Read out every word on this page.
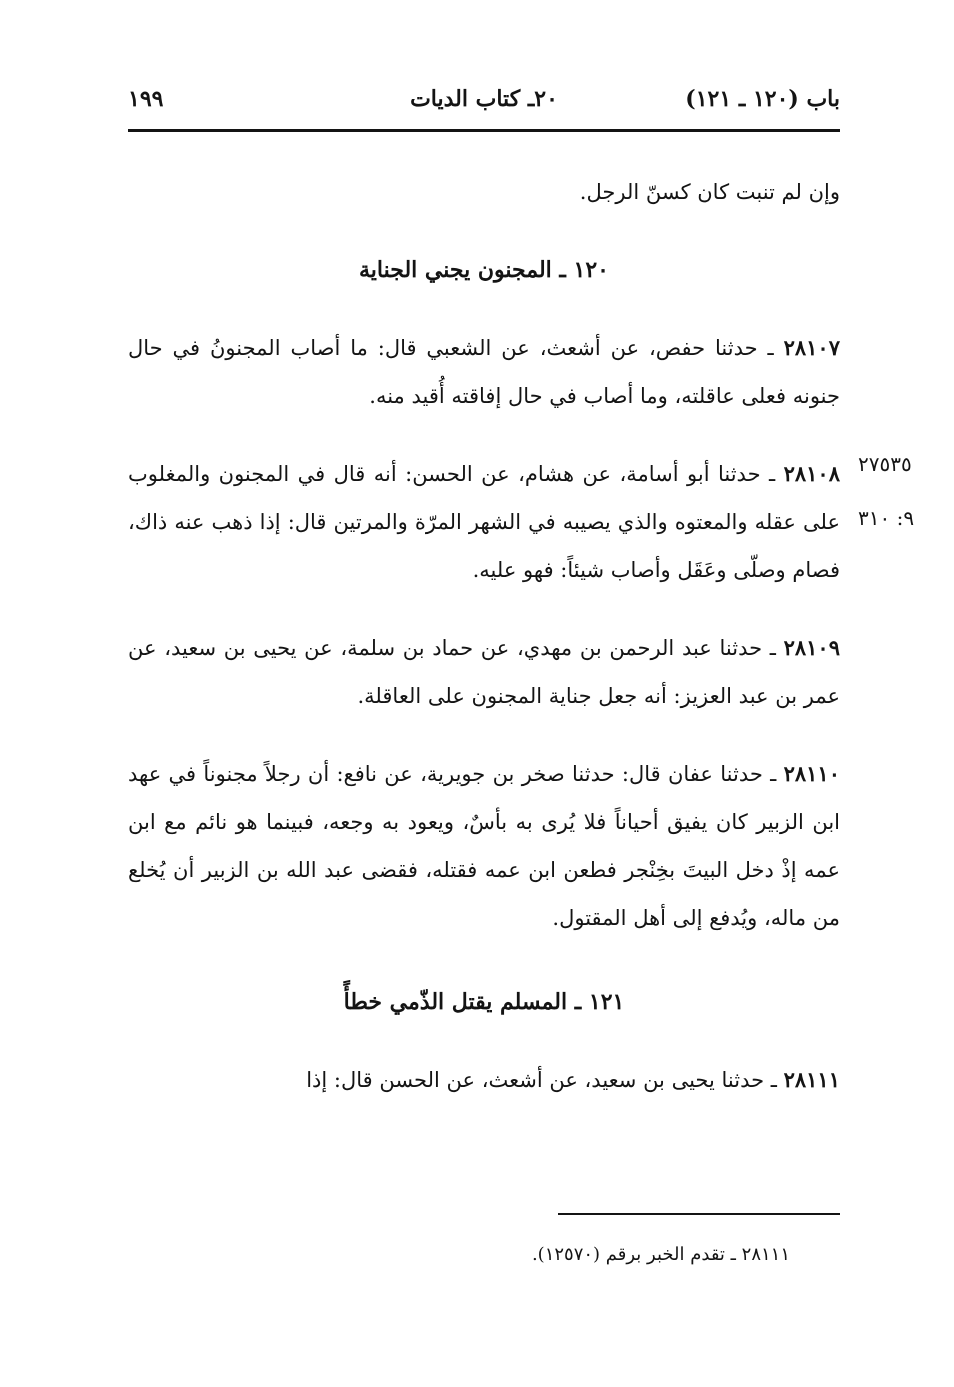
باب (١٢٠ ـ ١٢١)
٢٠ـ كتاب الديات
١٩٩
٢٧٥٣٥
٩: ٣١٠

وإن لم تنبت كان كسنّ الرجل.

١٢٠ ـ المجنون يجني الجناية

٢٨١٠٧ ـ حدثنا حفص، عن أشعث، عن الشعبي قال: ما أصاب المجنونُ في حال جنونه فعلى عاقلته، وما أصاب في حال إفاقته أُقيد منه.

٢٨١٠٨ ـ حدثنا أبو أسامة، عن هشام، عن الحسن: أنه قال في المجنون والمغلوب على عقله والمعتوه والذي يصيبه في الشهر المرّة والمرتين قال: إذا ذهب عنه ذاك، فصام وصلّى وعَقَل وأصاب شيئاً: فهو عليه.

٢٨١٠٩ ـ حدثنا عبد الرحمن بن مهدي، عن حماد بن سلمة، عن يحيى بن سعيد، عن عمر بن عبد العزيز: أنه جعل جناية المجنون على العاقلة.

٢٨١١٠ ـ حدثنا عفان قال: حدثنا صخر بن جويرية، عن نافع: أن رجلاً مجنوناً في عهد ابن الزبير كان يفيق أحياناً فلا يُرى به بأسٌ، ويعود به وجعه، فبينما هو نائم مع ابن عمه إذْ دخل البيتَ بخِنْجر فطعن ابن عمه فقتله، فقضى عبد الله بن الزبير أن يُخلع من ماله، ويُدفع إلى أهل المقتول.

١٢١ ـ المسلم يقتل الذّمي خطأً

٢٨١١١ ـ حدثنا يحيى بن سعيد، عن أشعث، عن الحسن قال: إذا

٢٨١١١ ـ تقدم الخبر برقم (١٢٥٧٠).
